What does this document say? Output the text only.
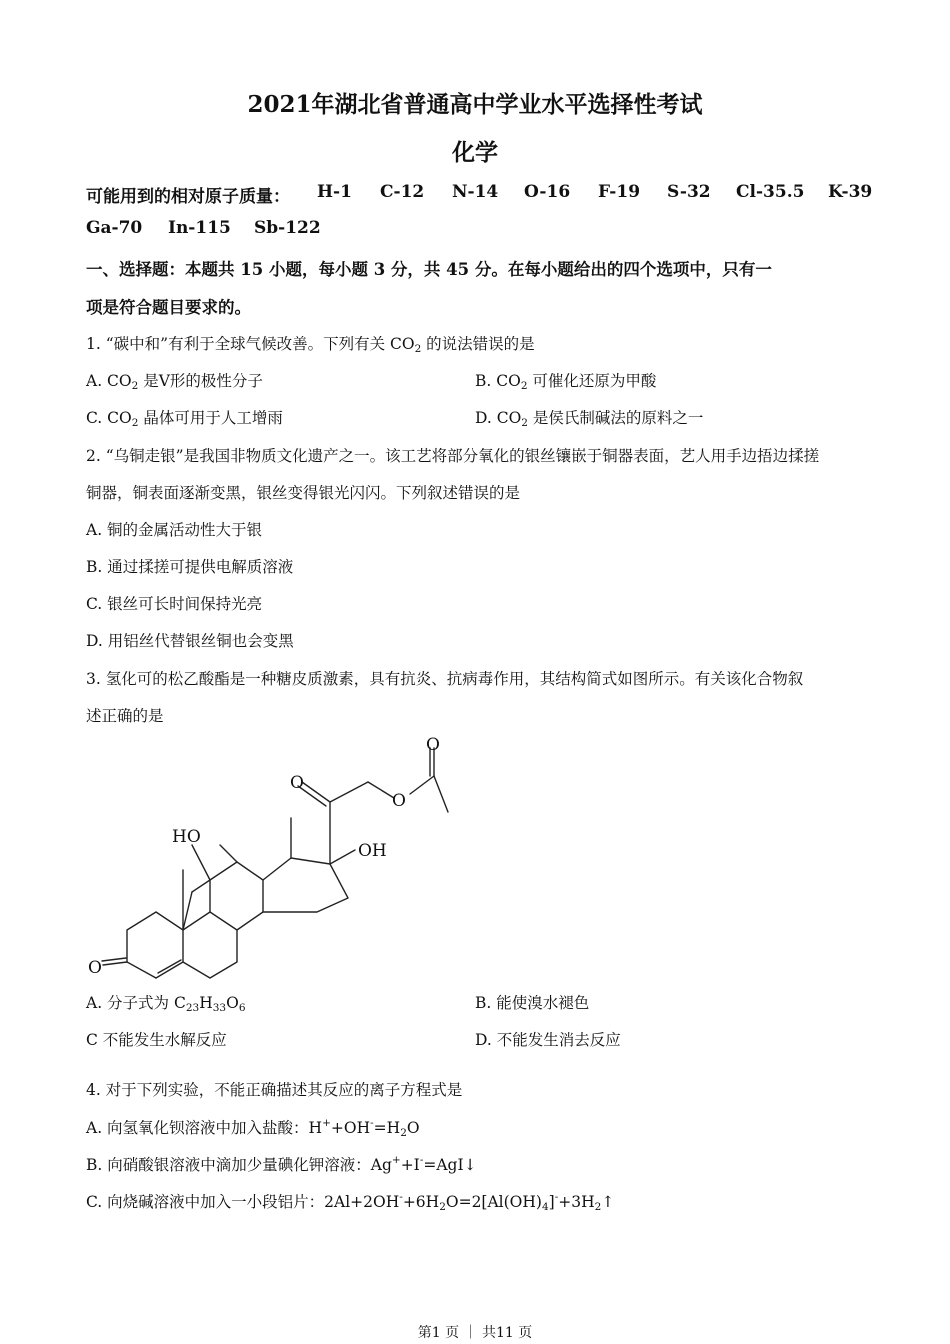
2021年湖北省普通高中学业水平选择性考试
化学
可能用到的相对原子质量： H-1 C-12 N-14 O-16 F-19 S-32 Cl-35.5 K-39
Ga-70 In-115 Sb-122
一、选择题：本题共 15 小题，每小题 3 分，共 45 分。在每小题给出的四个选项中，只有一
项是符合题目要求的。
1. “碳中和”有利于全球气候改善。下列有关 $CO_2$ 的说法错误的是
A. $CO_2$ 是Ⅴ形的极性分子	B. $CO_2$ 可催化还原为甲酸
C. $CO_2$ 晶体可用于人工增雨	D. $CO_2$ 是侯氏制碱法的原料之一
2. “乌铜走银”是我国非物质文化遗产之一。该工艺将部分氧化的银丝镶嵌于铜器表面，艺人用手边捂边揉搓
铜器，铜表面逐渐变黑，银丝变得银光闪闪。下列叙述错误的是
A. 铜的金属活动性大于银
B. 通过揉搓可提供电解质溶液
C. 银丝可长时间保持光亮
D. 用铝丝代替银丝铜也会变黑
3. 氢化可的松乙酸酯是一种糖皮质激素，具有抗炎、抗病毒作用，其结构简式如图所示。有关该化合物叙
述正确的是
O
HO
OH
O
O
O
A. 分子式为 $C_{23}H_{33}O_6$	B. 能使溴水褪色
C 不能发生水解反应	D. 不能发生消去反应
4. 对于下列实验，不能正确描述其反应的离子方程式是
A. 向氢氧化钡溶液中加入盐酸：$H^++OH^-=H_2O$
B. 向硝酸银溶液中滴加少量碘化钾溶液：Ag++I-=AgI↓
C. 向烧碱溶液中加入一小段铝片：$2Al+2OH^-+6H_2O=2[Al(OH)_4]^-+3H_2↑$
第1 页 ｜ 共11 页
